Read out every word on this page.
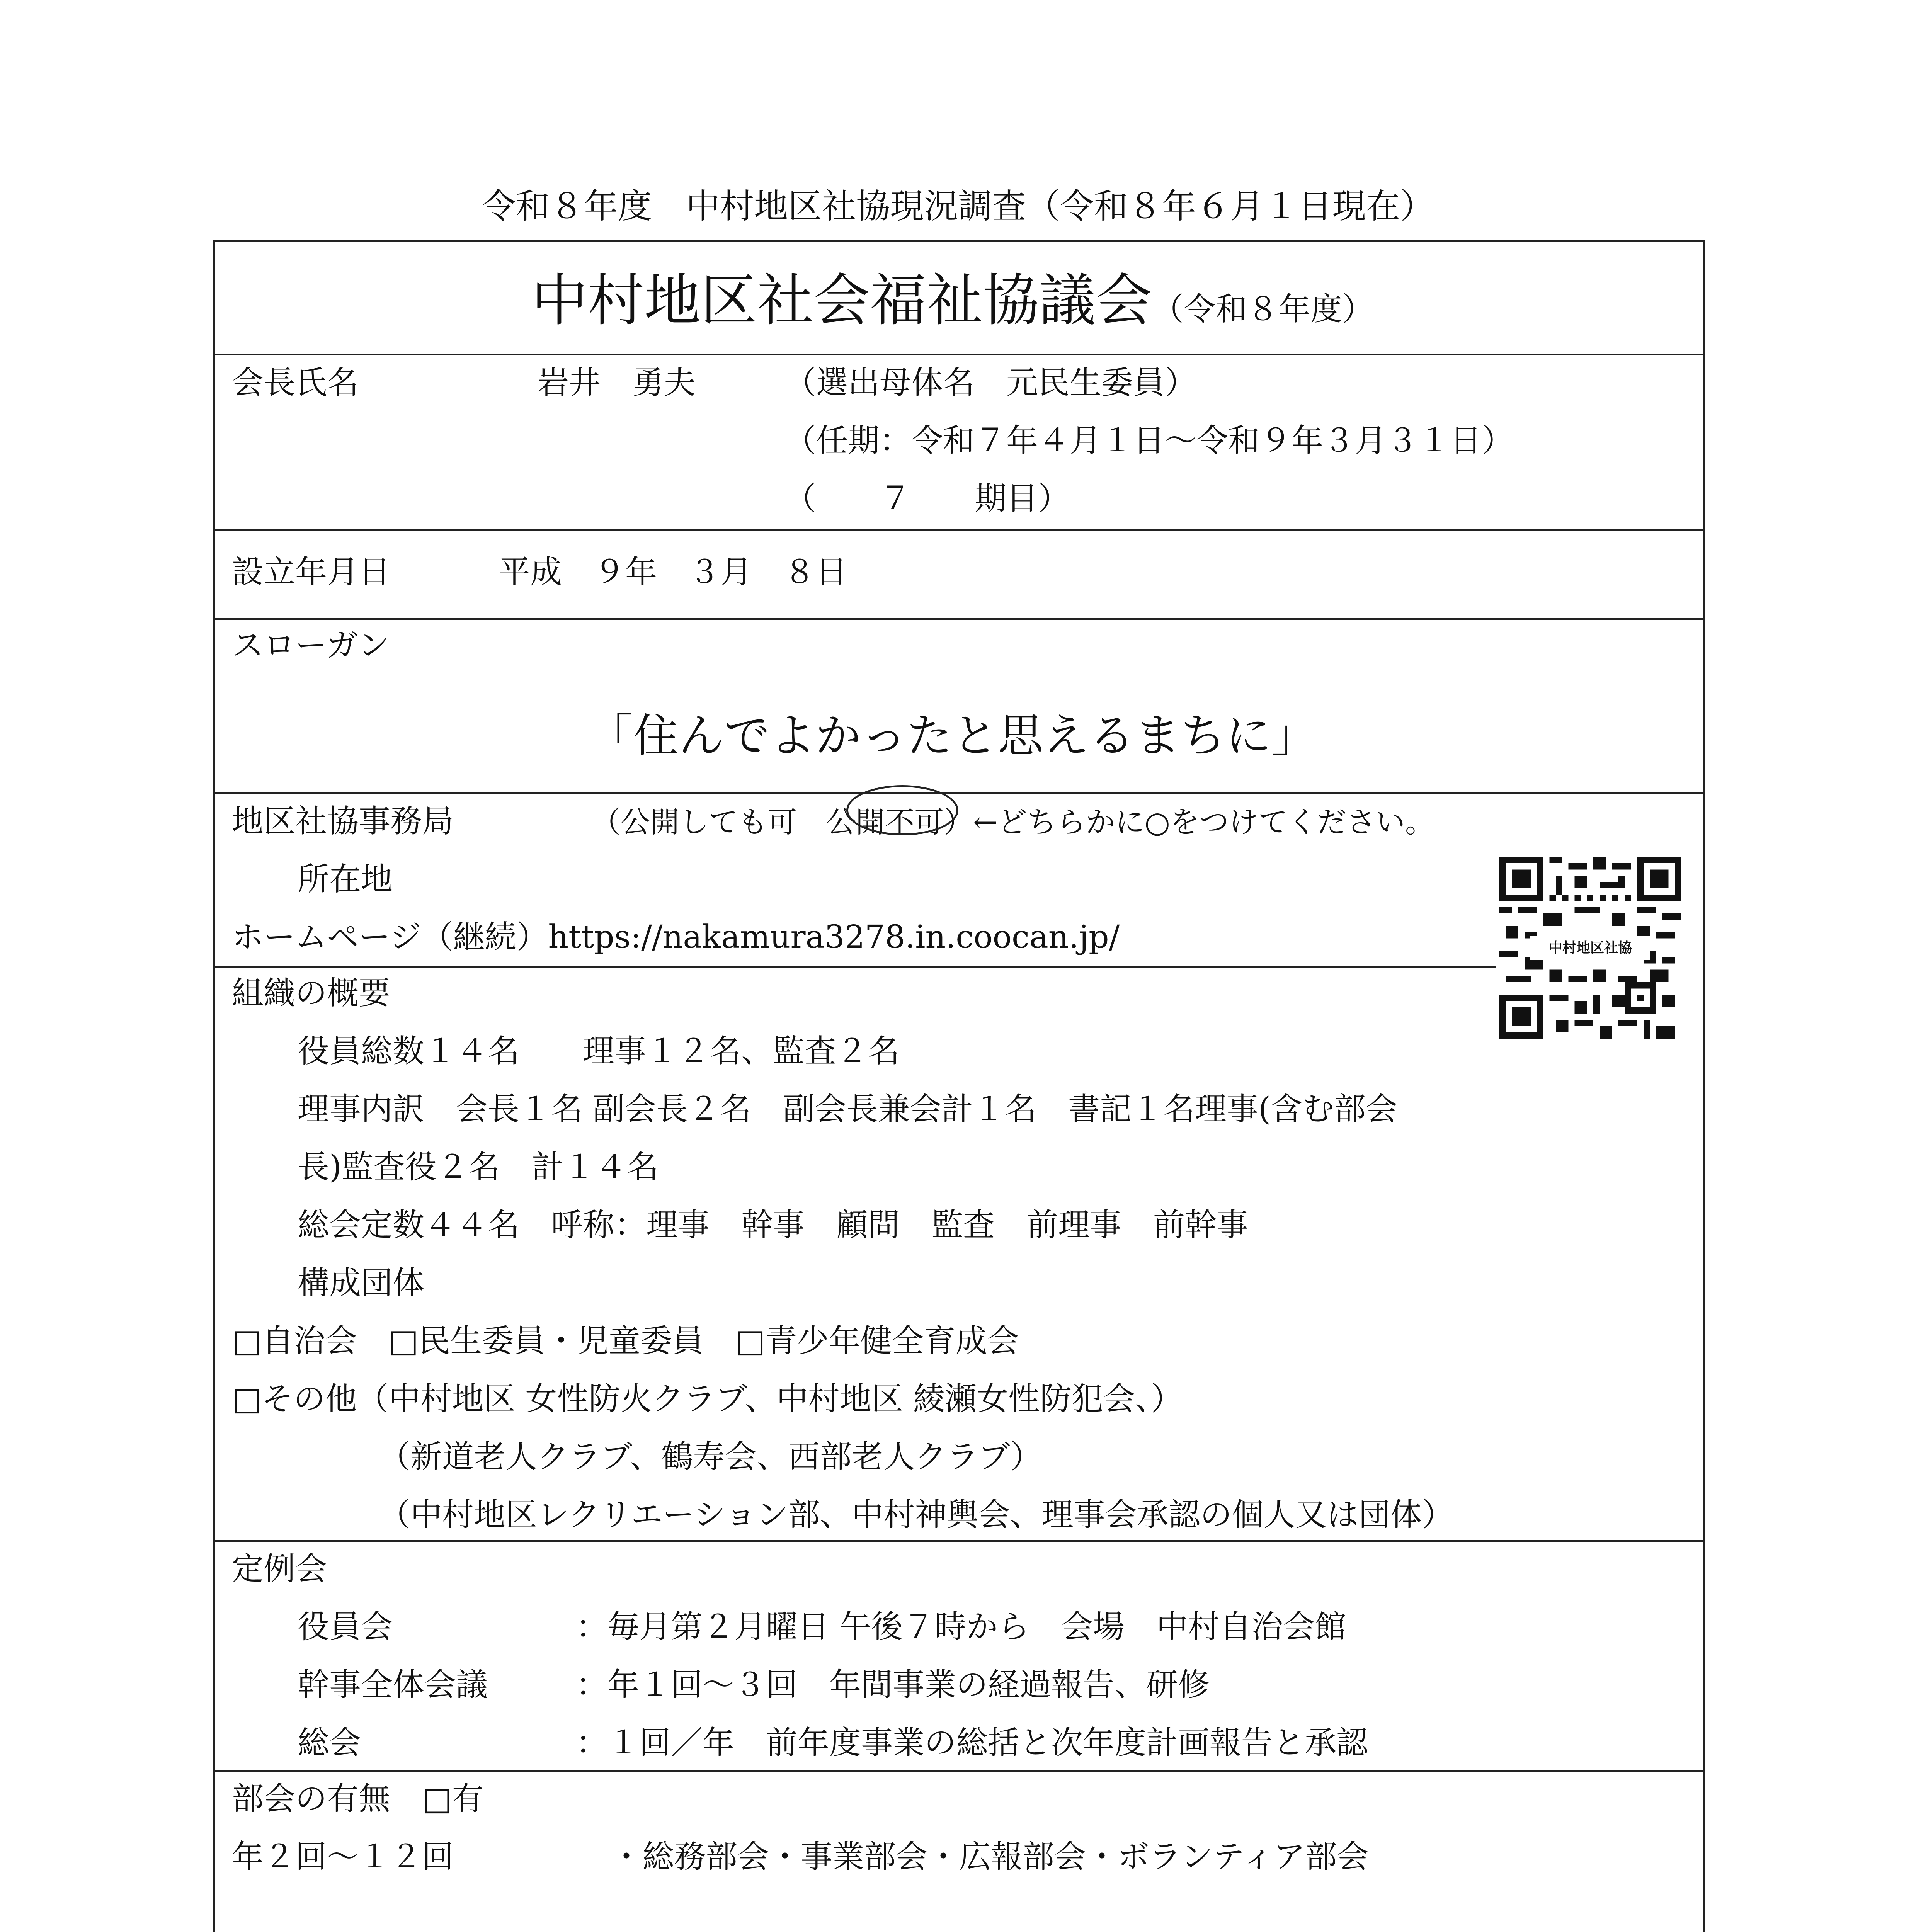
令和８年度　中村地区社協現況調査（令和８年６月１日現在）
中村地区社会福祉協議会（令和８年度）
会長氏名	岩井　勇夫	（選出母体名　元民生委員）
（任期：令和７年４月１日～令和９年３月３１日）
（　　７　　期目）
設立年月日	平成　９年　３月　８日
スローガン
「住んでよかったと思えるまちに」
地区社協事務局	（公開しても可　公開不可）←どちらかに○をつけてください。
所在地
ホームページ（継続）https://nakamura3278.in.coocan.jp/	中村地区社協
組織の概要
役員総数１４名　　理事１２名、監査２名
理事内訳　会長１名 副会長２名　副会長兼会計１名　書記１名理事(含む部会
長)監査役２名　計１４名
総会定数４４名　呼称：理事　幹事　顧問　監査　前理事　前幹事
構成団体
□自治会　□民生委員・児童委員　□青少年健全育成会
□その他（中村地区 女性防火クラブ、中村地区 綾瀬女性防犯会、）
（新道老人クラブ、鶴寿会、西部老人クラブ）
（中村地区レクリエーション部、中村神輿会、理事会承認の個人又は団体）
定例会
役員会	：毎月第２月曜日 午後７時から　会場　中村自治会館
幹事全体会議	：年１回～３回　年間事業の経過報告、研修
総会	：１回／年　前年度事業の総括と次年度計画報告と承認
部会の有無　□有
年２回～１２回	・総務部会・事業部会・広報部会・ボランティア部会
